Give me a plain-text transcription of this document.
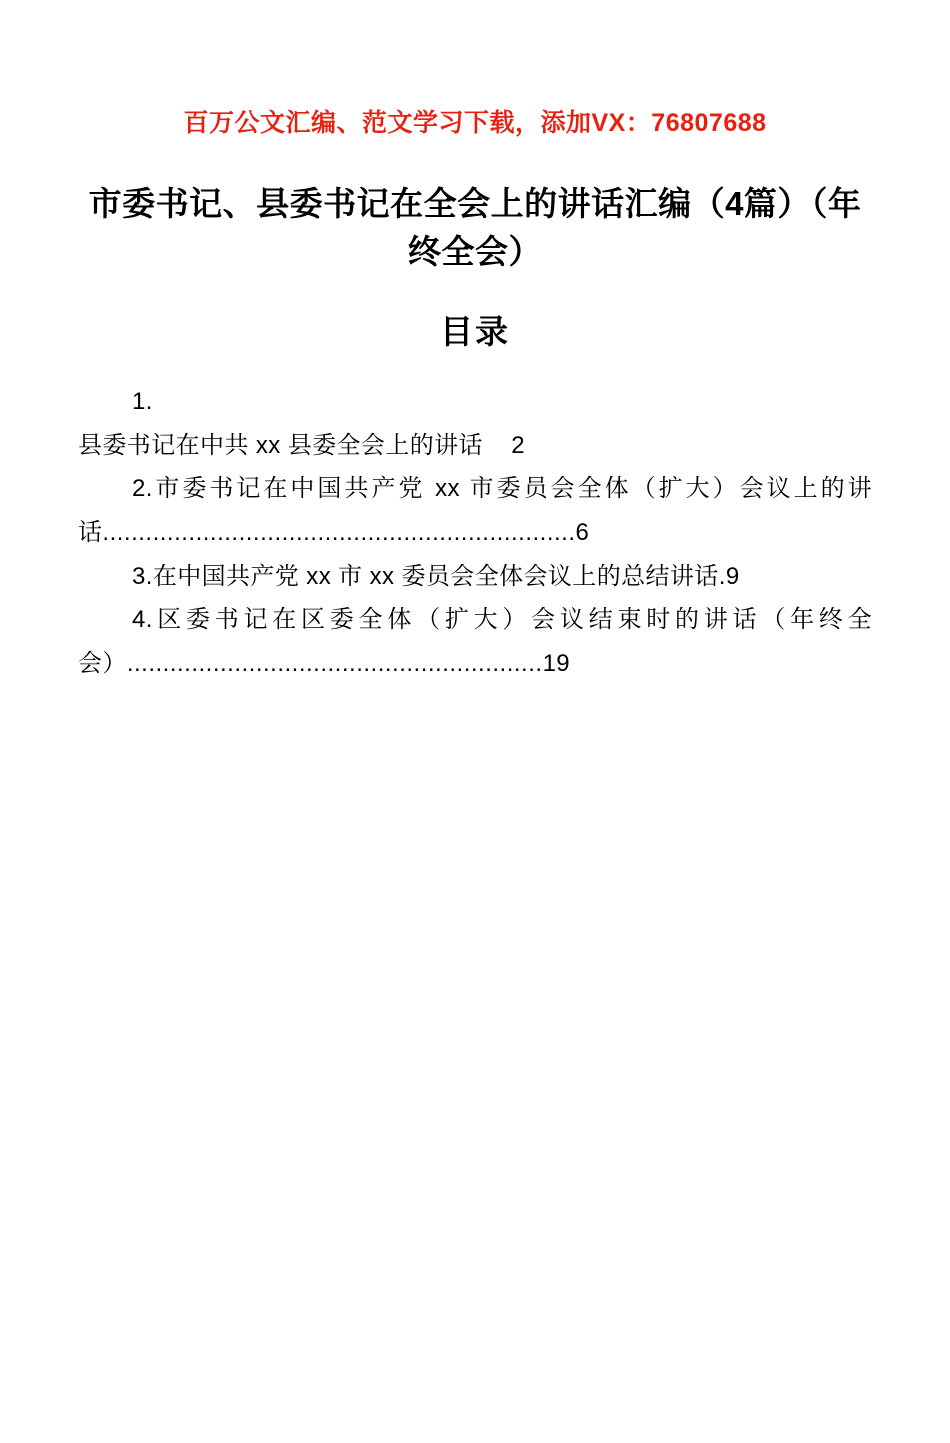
百万公文汇编、范文学习下载，添加VX：76807688
市委书记、县委书记在全会上的讲话汇编（4篇）（年终全会）
目录
1.
县委书记在中共 xx 县委全会上的讲话 2
2.市委书记在中国共产党 xx 市委员会全体（扩大）会议上的讲话..................................................................6
3.在中国共产党 xx 市 xx 委员会全体会议上的总结讲话.9
4.区委书记在区委全体（扩大）会议结束时的讲话（年终全会）..........................................................19
